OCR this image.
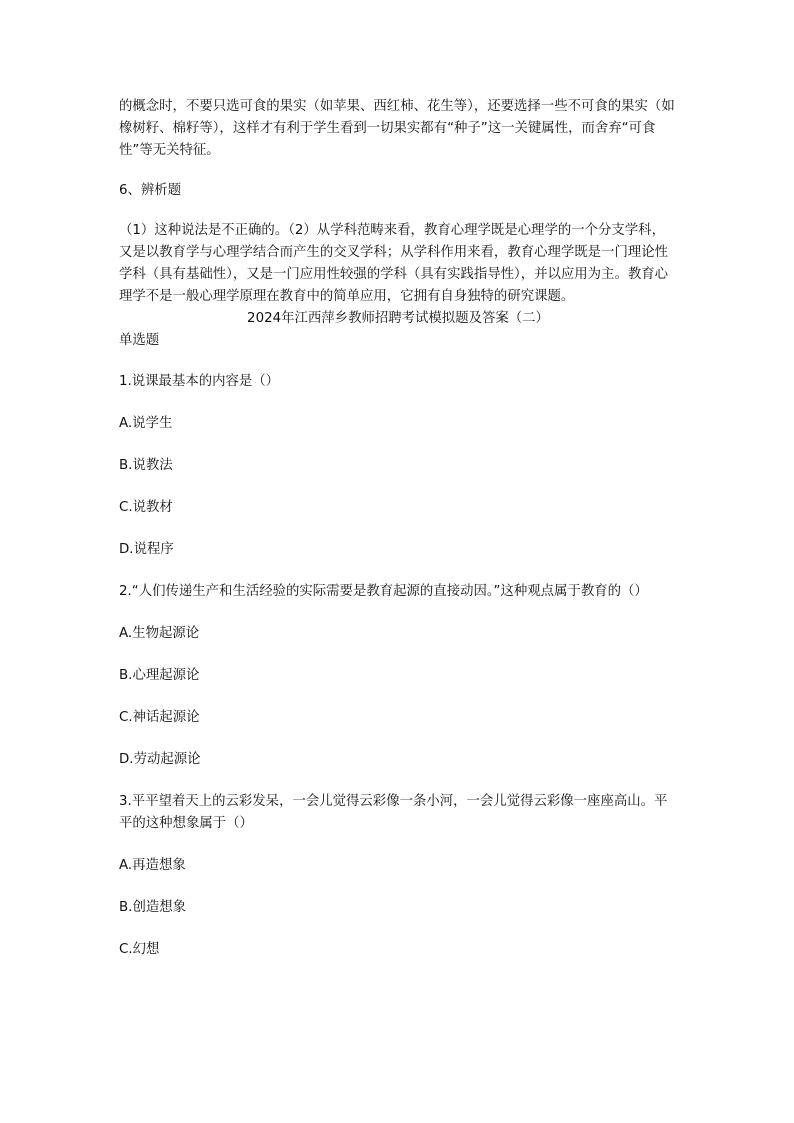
的概念时，不要只选可食的果实（如苹果、西红柿、花生等），还要选择一些不可食的果实（如橡树籽、棉籽等），这样才有利于学生看到一切果实都有“种子”这一关键属性，而舍弃“可食性”等无关特征。

6、辨析题

（1）这种说法是不正确的。（2）从学科范畴来看，教育心理学既是心理学的一个分支学科，又是以教育学与心理学结合而产生的交叉学科；从学科作用来看，教育心理学既是一门理论性学科（具有基础性），又是一门应用性较强的学科（具有实践指导性），并以应用为主。教育心理学不是一般心理学原理在教育中的简单应用，它拥有自身独特的研究课题。

2024年江西萍乡教师招聘考试模拟题及答案（二）

单选题

1.说课最基本的内容是（）

A.说学生

B.说教法

C.说教材

D.说程序

2.“人们传递生产和生活经验的实际需要是教育起源的直接动因。”这种观点属于教育的（）

A.生物起源论

B.心理起源论

C.神话起源论

D.劳动起源论

3.平平望着天上的云彩发呆，一会儿觉得云彩像一条小河，一会儿觉得云彩像一座座高山。平平的这种想象属于（）

A.再造想象

B.创造想象

C.幻想
